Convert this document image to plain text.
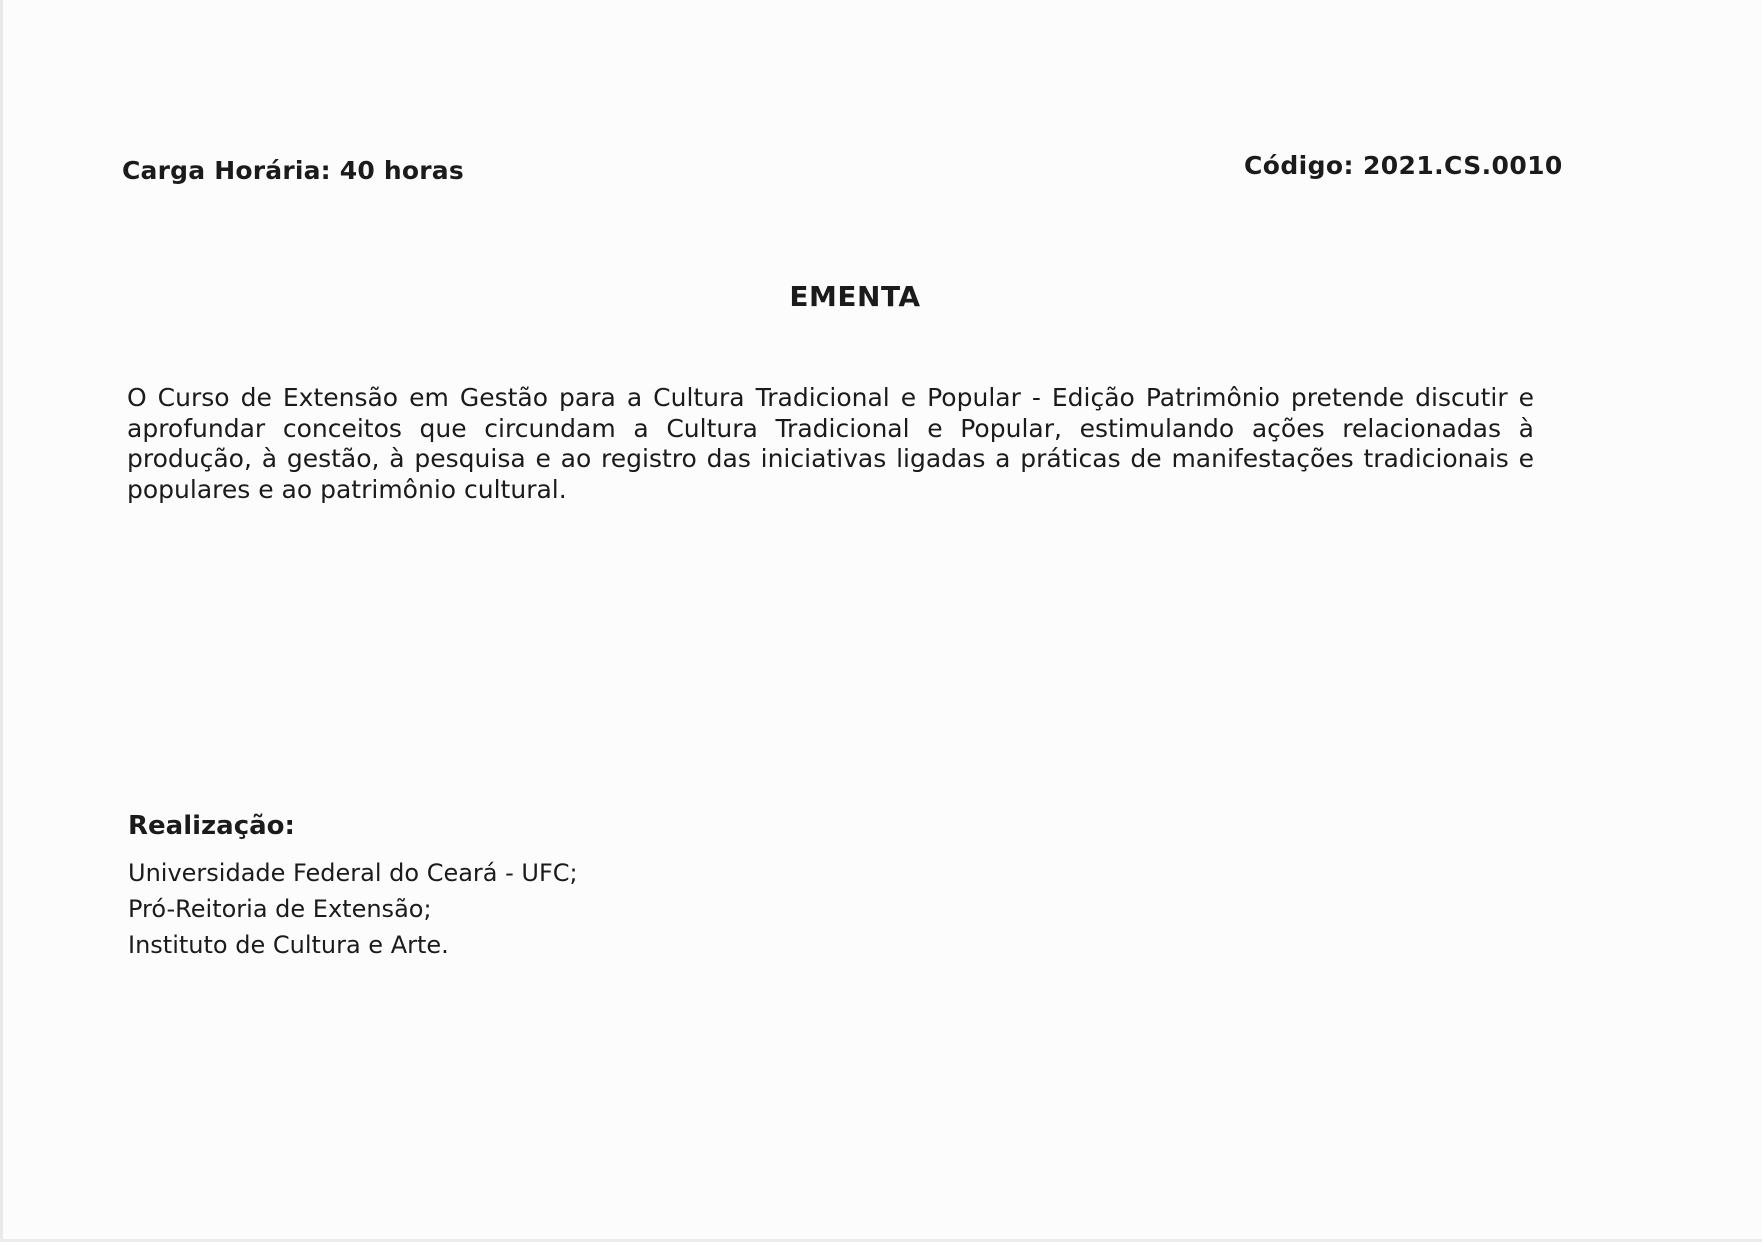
Carga Horária: 40 horas	Código: 2021.CS.0010
EMENTA
O Curso de Extensão em Gestão para a Cultura Tradicional e Popular - Edição Patrimônio pretende discutir e aprofundar conceitos que circundam a Cultura Tradicional e Popular, estimulando ações relacionadas à produção, à gestão, à pesquisa e ao registro das iniciativas ligadas a práticas de manifestações tradicionais e populares e ao patrimônio cultural.
Realização:
Universidade Federal do Ceará - UFC;
Pró-Reitoria de Extensão;
Instituto de Cultura e Arte.
